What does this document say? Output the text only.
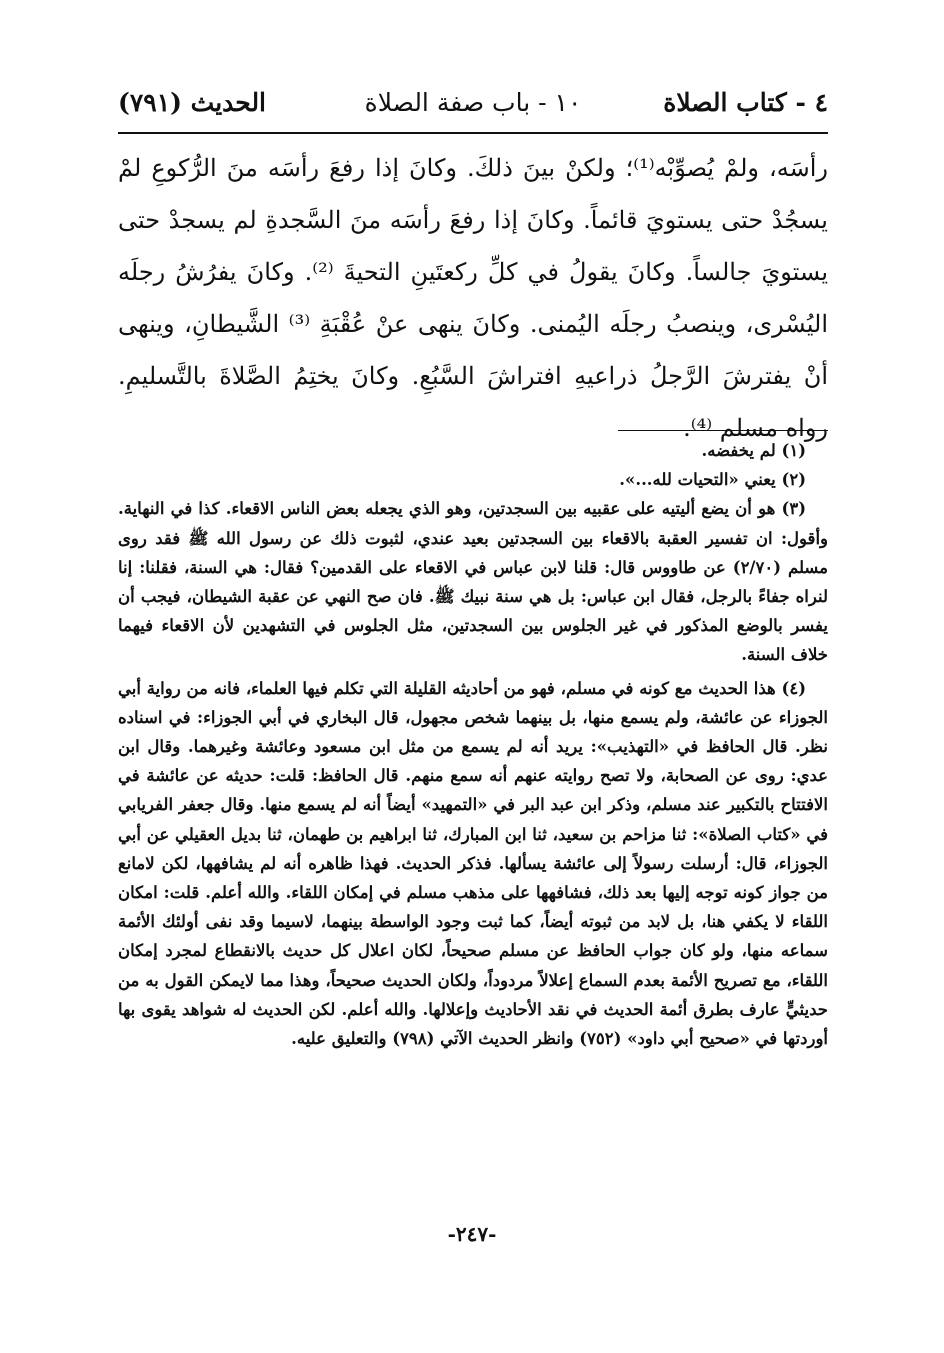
٤ - كتاب الصلاة
١٠ - باب صفة الصلاة
الحديث (٧٩١)

رأسَه، ولمْ يُصوِّبْه⁽¹⁾؛ ولكنْ بينَ ذلكَ. وكانَ إذا رفعَ رأسَه منَ الرُّكوعِ لمْ يسجُدْ حتى يستويَ قائماً. وكانَ إذا رفعَ رأسَه منَ السَّجدةِ لم يسجدْ حتى يستويَ جالساً. وكانَ يقولُ في كلِّ ركعتَينِ التحيةَ ⁽²⁾. وكانَ يفرُشُ رجلَه اليُسْرى، وينصبُ رجلَه اليُمنى. وكانَ ينهى عنْ عُقْبَةِ ⁽³⁾ الشَّيطانِ، وينهى أنْ يفترشَ الرَّجلُ ذراعيهِ افتراشَ السَّبُعِ. وكانَ يختِمُ الصَّلاةَ بالتَّسليمِ. رواه مسلم ⁽⁴⁾.

(١) لم يخفضه.

(٢) يعني «التحيات لله...».

(٣) هو أن يضع أليتيه على عقبيه بين السجدتين، وهو الذي يجعله بعض الناس الاقعاء. كذا في النهاية. وأقول: ان تفسير العقبة بالاقعاء بين السجدتين بعيد عندي، لثبوت ذلك عن رسول الله ﷺ فقد روى مسلم (٢/٧٠) عن طاووس قال: قلنا لابن عباس في الاقعاء على القدمين؟ فقال: هي السنة، فقلنا: إنا لنراه جفاءً بالرجل، فقال ابن عباس: بل هي سنة نبيك ﷺ. فان صح النهي عن عقبة الشيطان، فيجب أن يفسر بالوضع المذكور في غير الجلوس بين السجدتين، مثل الجلوس في التشهدين لأن الاقعاء فيهما خلاف السنة.

(٤) هذا الحديث مع كونه في مسلم، فهو من أحاديثه القليلة التي تكلم فيها العلماء، فانه من رواية أبي الجوزاء عن عائشة، ولم يسمع منها، بل بينهما شخص مجهول، قال البخاري في أبي الجوزاء: في اسناده نظر. قال الحافظ في «التهذيب»: يريد أنه لم يسمع من مثل ابن مسعود وعائشة وغيرهما. وقال ابن عدي: روى عن الصحابة، ولا تصح روايته عنهم أنه سمع منهم. قال الحافظ: قلت: حديثه عن عائشة في الافتتاح بالتكبير عند مسلم، وذكر ابن عبد البر في «التمهيد» أيضاً أنه لم يسمع منها. وقال جعفر الفريابي في «كتاب الصلاة»: ثنا مزاحم بن سعيد، ثنا ابن المبارك، ثنا ابراهيم بن طهمان، ثنا بديل العقيلي عن أبي الجوزاء، قال: أرسلت رسولاً إلى عائشة يسألها. فذكر الحديث. فهذا ظاهره أنه لم يشافهها، لكن لامانع من جواز كونه توجه إليها بعد ذلك، فشافهها على مذهب مسلم في إمكان اللقاء. والله أعلم. قلت: امكان اللقاء لا يكفي هنا، بل لابد من ثبوته أيضاً، كما ثبت وجود الواسطة بينهما، لاسيما وقد نفى أولئك الأئمة سماعه منها، ولو كان جواب الحافظ عن مسلم صحيحاً، لكان اعلال كل حديث بالانقطاع لمجرد إمكان اللقاء، مع تصريح الأئمة بعدم السماع إعلالاً مردوداً، ولكان الحديث صحيحاً، وهذا مما لايمكن القول به من حديثيٍّ عارف بطرق أئمة الحديث في نقد الأحاديث وإعلالها. والله أعلم. لكن الحديث له شواهد يقوى بها أوردتها في «صحيح أبي داود» (٧٥٢) وانظر الحديث الآتي (٧٩٨) والتعليق عليه.

-٢٤٧-
